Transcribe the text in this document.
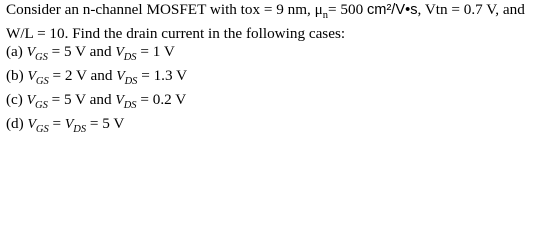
Consider an n-channel MOSFET with tox = 9 nm, $\mu_n= 500$ cm²/V•s, Vtn = 0.7 V, and
W/L = 10. Find the drain current in the following cases:
(a) $V_{GS} = 5$ V and $V_{DS} = 1$ V
(b) $V_{GS} = 2$ V and $V_{DS} = 1.3$ V
(c) $V_{GS} = 5$ V and $V_{DS} = 0.2$ V
(d) $V_{GS} = V_{DS} = 5$ V
